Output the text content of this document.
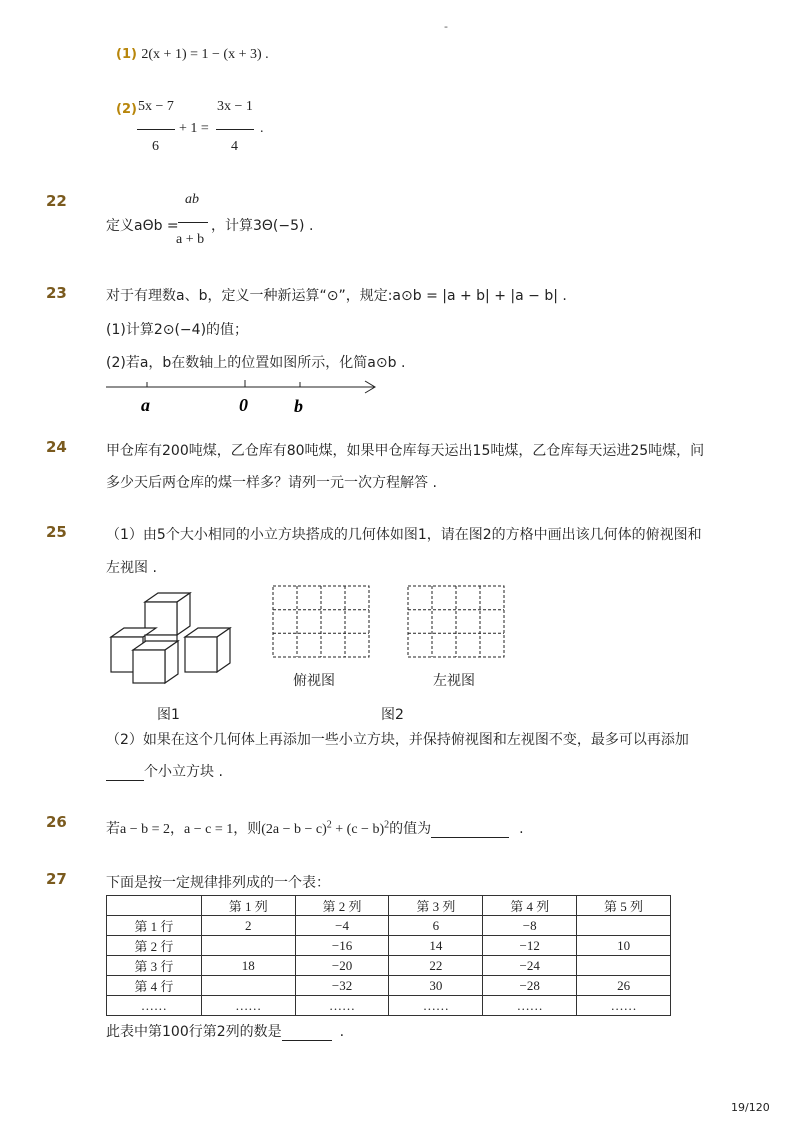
-
(1) 2(x + 1) = 1 − (x + 3) .
(2) 5x − 7
6
+ 1 =
3x − 1
4
.
22	ab
a + b
定义aΘb = ，计算3Θ(−5) .
23	对于有理数a、b，定义一种新运算“⊙”，规定:a⊙b = |a + b| + |a − b| .
(1)计算2⊙(−4)的值；
(2)若a，b在数轴上的位置如图所示，化简a⊙b .
a	0	b
24	甲仓库有200吨煤，乙仓库有80吨煤，如果甲仓库每天运出15吨煤，乙仓库每天运进25吨煤，问
多少天后两仓库的煤一样多？请列一元一次方程解答 .
25	（1）由5个大小相同的小立方块搭成的几何体如图1，请在图2的方格中画出该几何体的俯视图和
左视图 .
图1
俯视图	左视图
图2
（2）如果在这个几何体上再添加一些小立方块，并保持俯视图和左视图不变，最多可以再添加
个小立方块 .
26	若a − b = 2，a − c = 1，则$(2a - b - c)^2 + (c - b)^2$的值为	.
27	下面是按一定规律排列成的一个表：
	第 1 列	第 2 列	第 3 列	第 4 列	第 5 列
第 1 行	2	−4	6	−8	
第 2 行		−16	14	−12	10
第 3 行	18	−20	22	−24	
第 4 行		−32	30	−28	26
……	……	……	……	……	……
此表中第100行第2列的数是	.
19/120
